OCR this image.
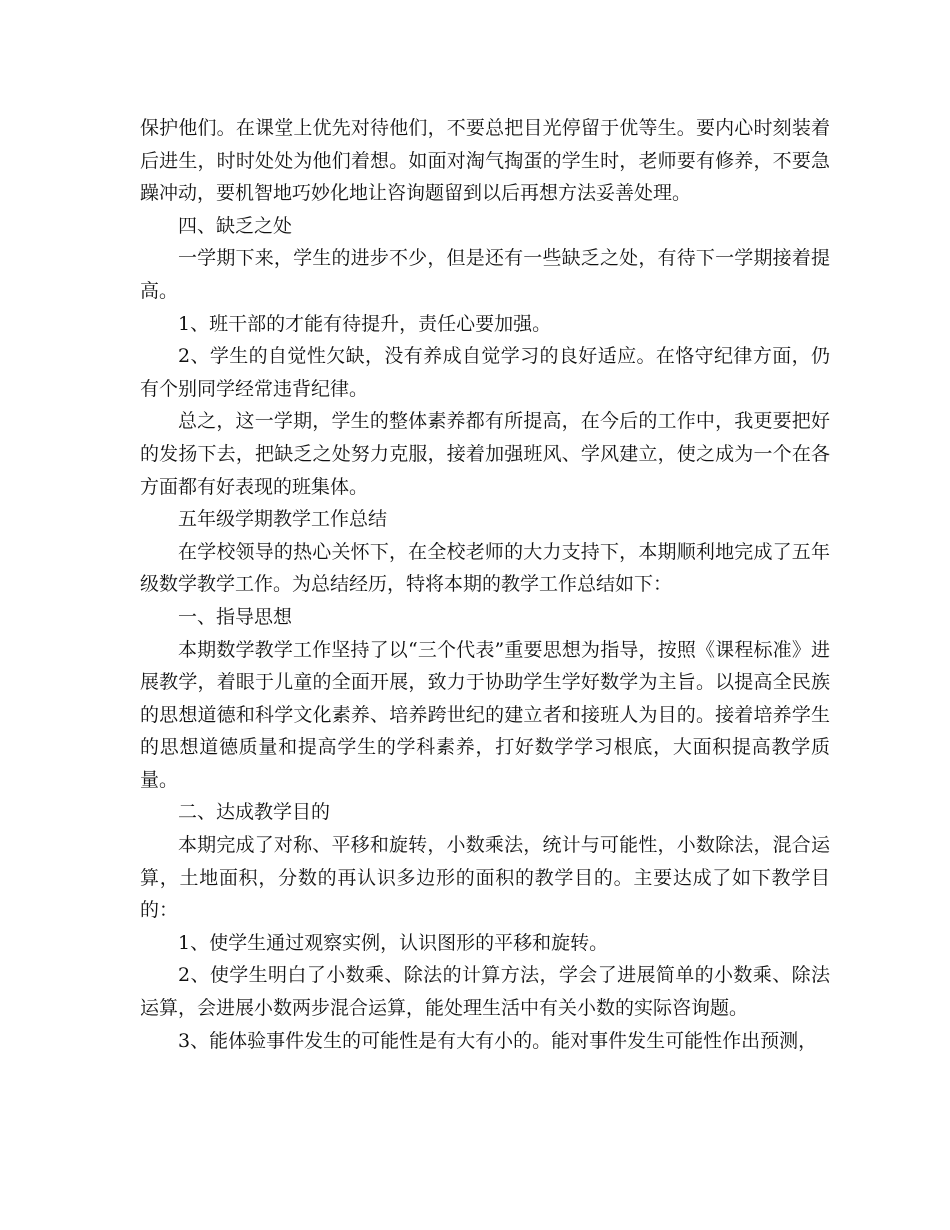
保护他们。在课堂上优先对待他们，不要总把目光停留于优等生。要内心时刻装着后进生，时时处处为他们着想。如面对淘气掏蛋的学生时，老师要有修养，不要急躁冲动，要机智地巧妙化地让咨询题留到以后再想方法妥善处理。

四、缺乏之处

一学期下来，学生的进步不少，但是还有一些缺乏之处，有待下一学期接着提高。

1、班干部的才能有待提升，责任心要加强。

2、学生的自觉性欠缺，没有养成自觉学习的良好适应。在恪守纪律方面，仍有个别同学经常违背纪律。

总之，这一学期，学生的整体素养都有所提高，在今后的工作中，我更要把好的发扬下去，把缺乏之处努力克服，接着加强班风、学风建立，使之成为一个在各方面都有好表现的班集体。

五年级学期教学工作总结

在学校领导的热心关怀下，在全校老师的大力支持下，本期顺利地完成了五年级数学教学工作。为总结经历，特将本期的教学工作总结如下：

一、指导思想

本期数学教学工作坚持了以“三个代表”重要思想为指导，按照《课程标准》进展教学，着眼于儿童的全面开展，致力于协助学生学好数学为主旨。以提高全民族的思想道德和科学文化素养、培养跨世纪的建立者和接班人为目的。接着培养学生的思想道德质量和提高学生的学科素养，打好数学学习根底，大面积提高教学质量。

二、达成教学目的

本期完成了对称、平移和旋转，小数乘法，统计与可能性，小数除法，混合运算，土地面积，分数的再认识多边形的面积的教学目的。主要达成了如下教学目的：

1、使学生通过观察实例，认识图形的平移和旋转。

2、使学生明白了小数乘、除法的计算方法，学会了进展简单的小数乘、除法运算，会进展小数两步混合运算，能处理生活中有关小数的实际咨询题。

3、能体验事件发生的可能性是有大有小的。能对事件发生可能性作出预测，
